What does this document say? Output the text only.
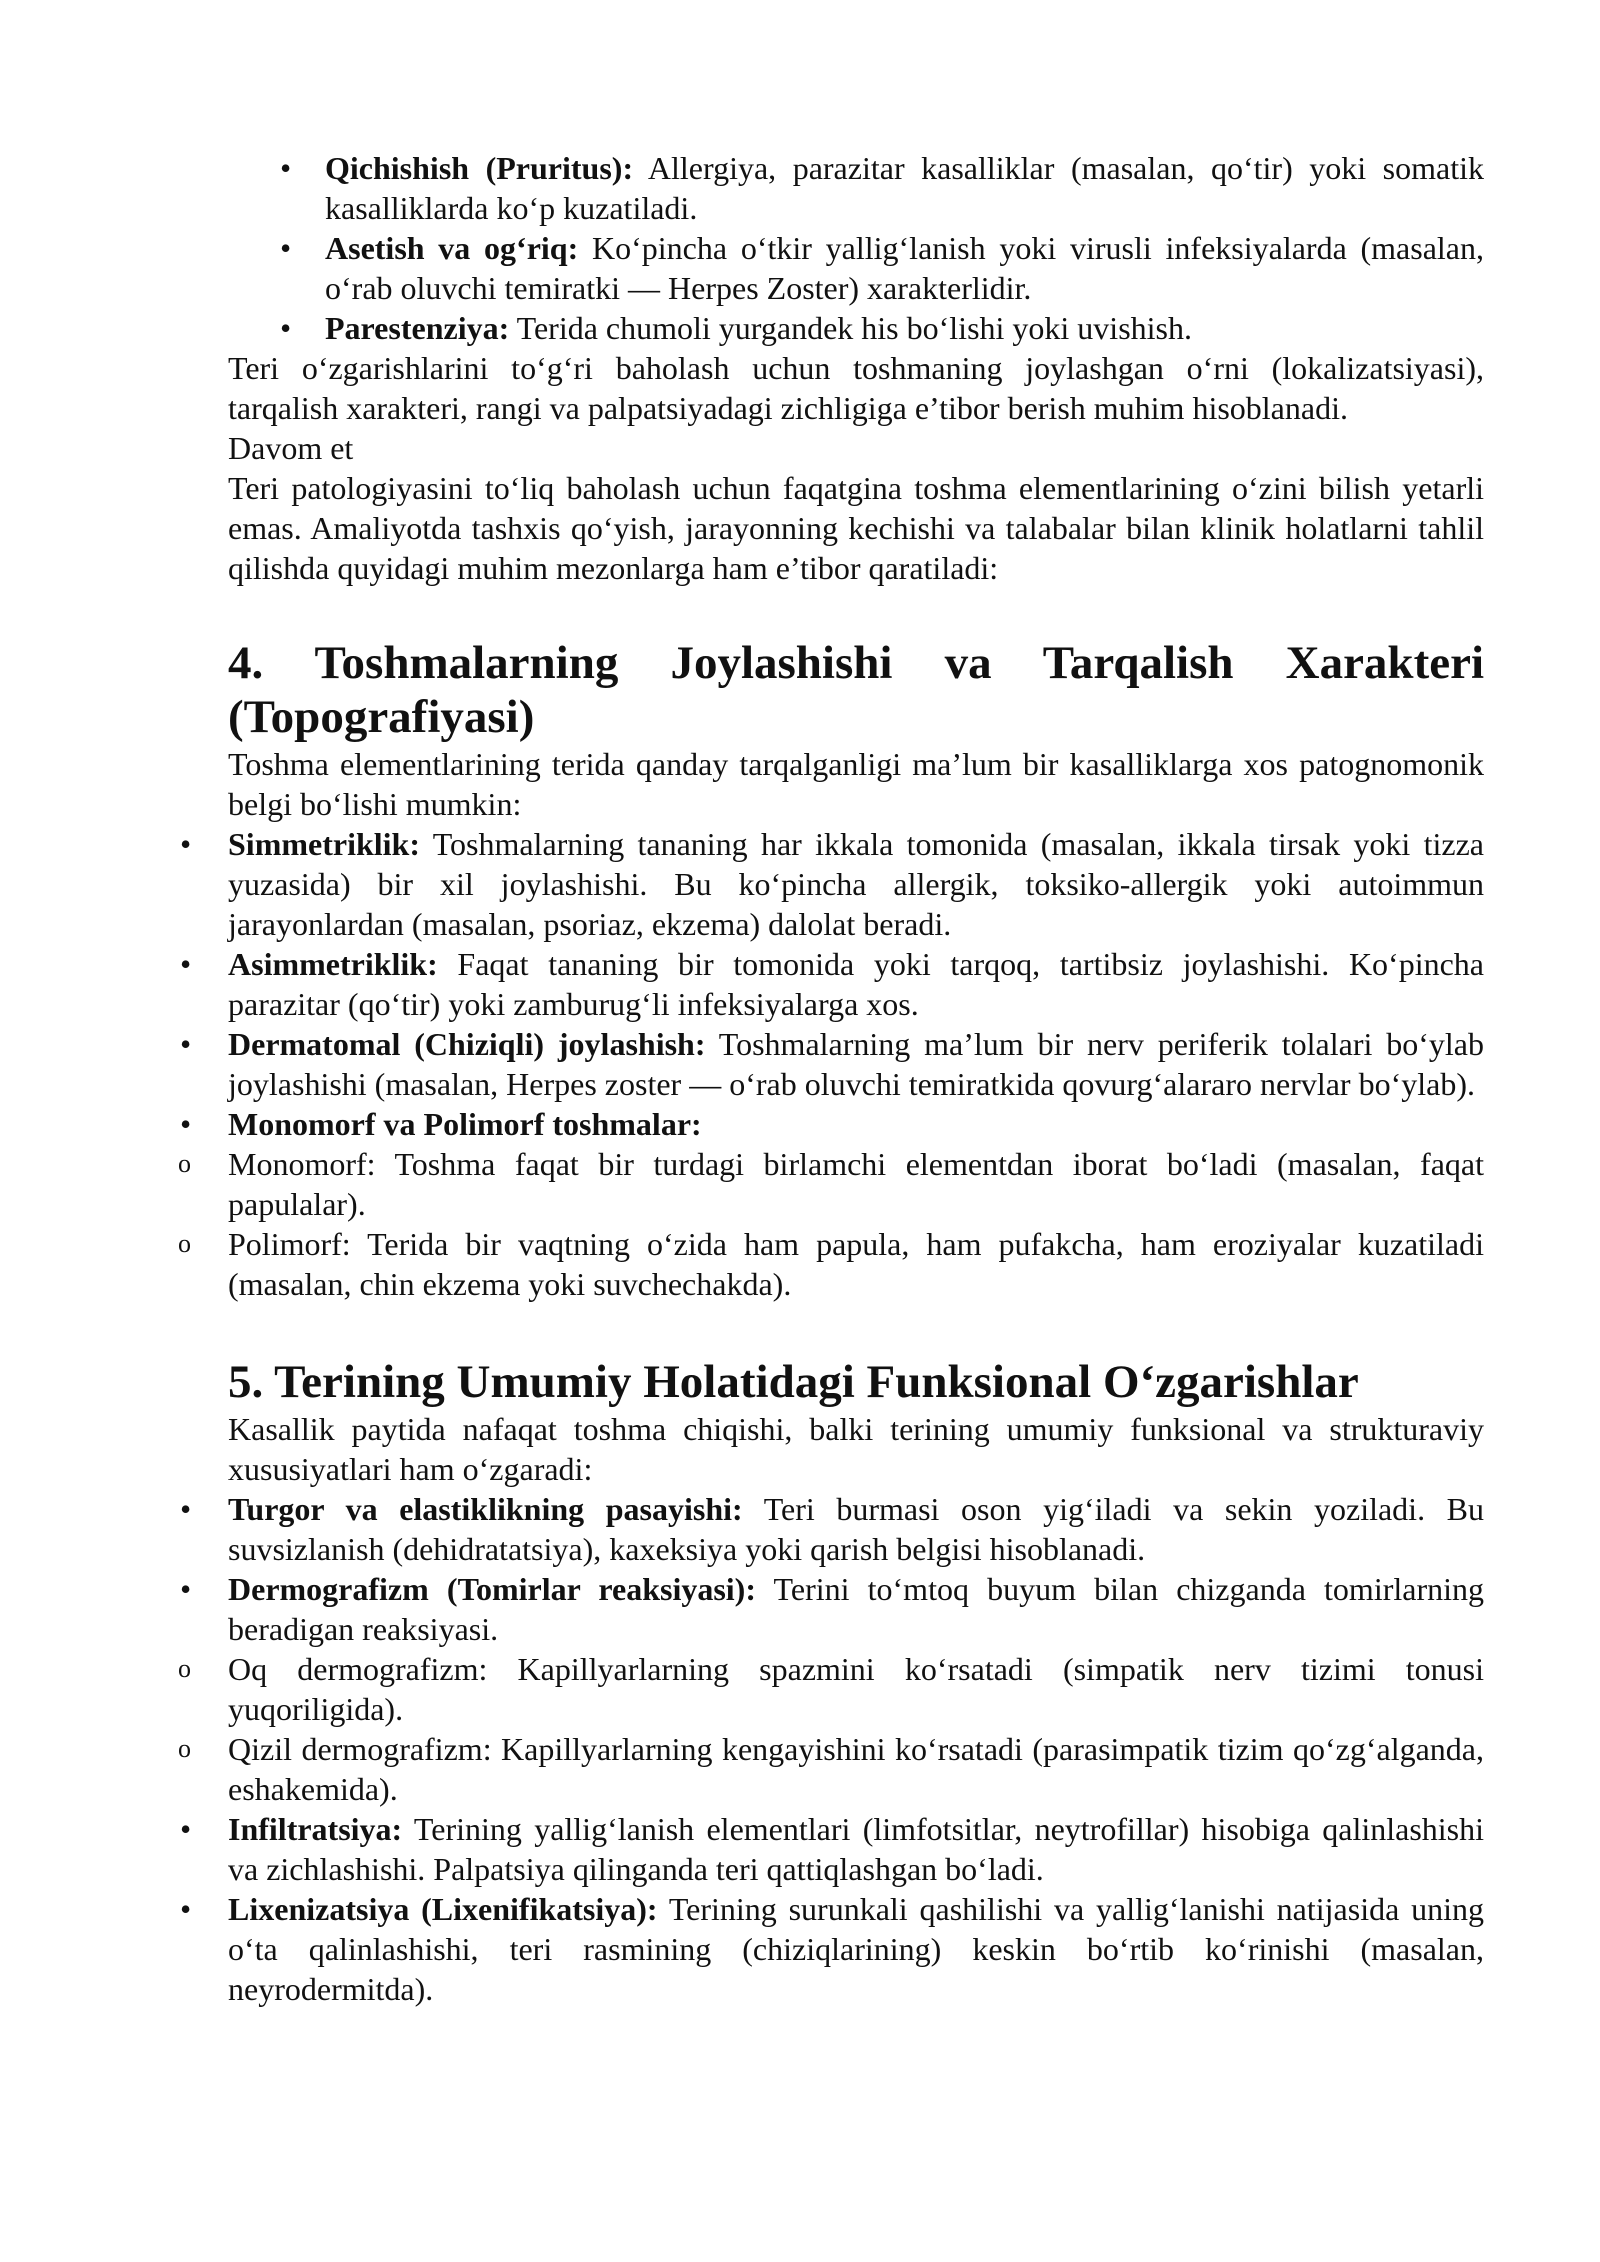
• Qichishish (Pruritus): Allergiya, parazitar kasalliklar (masalan, qo‘tir) yoki somatik kasalliklarda ko‘p kuzatiladi.
• Asetish va og‘riq: Ko‘pincha o‘tkir yallig‘lanish yoki virusli infeksiyalarda (masalan, o‘rab oluvchi temiratki — Herpes Zoster) xarakterlidir.
• Parestenziya: Terida chumoli yurgandek his bo‘lishi yoki uvishish.

Teri o‘zgarishlarini to‘g‘ri baholash uchun toshmaning joylashgan o‘rni (lokalizatsiyasi), tarqalish xarakteri, rangi va palpatsiyadagi zichligiga e’tibor berish muhim hisoblanadi.

Davom et

Teri patologiyasini to‘liq baholash uchun faqatgina toshma elementlarining o‘zini bilish yetarli emas. Amaliyotda tashxis qo‘yish, jarayonning kechishi va talabalar bilan klinik holatlarni tahlil qilishda quyidagi muhim mezonlarga ham e’tibor qaratiladi:

4. Toshmalarning Joylashishi va Tarqalish Xarakteri (Topografiyasi)

Toshma elementlarining terida qanday tarqalganligi ma’lum bir kasalliklarga xos patognomonik belgi bo‘lishi mumkin:

• Simmetriklik: Toshmalarning tananing har ikkala tomonida (masalan, ikkala tirsak yoki tizza yuzasida) bir xil joylashishi. Bu ko‘pincha allergik, toksiko-allergik yoki autoimmun jarayonlardan (masalan, psoriaz, ekzema) dalolat beradi.
• Asimmetriklik: Faqat tananing bir tomonida yoki tarqoq, tartibsiz joylashishi. Ko‘pincha parazitar (qo‘tir) yoki zamburug‘li infeksiyalarga xos.
• Dermatomal (Chiziqli) joylashish: Toshmalarning ma’lum bir nerv periferik tolalari bo‘ylab joylashishi (masalan, Herpes zoster — o‘rab oluvchi temiratkida qovurg‘alararo nervlar bo‘ylab).
• Monomorf va Polimorf toshmalar:
o Monomorf: Toshma faqat bir turdagi birlamchi elementdan iborat bo‘ladi (masalan, faqat papulalar).
o Polimorf: Terida bir vaqtning o‘zida ham papula, ham pufakcha, ham eroziyalar kuzatiladi (masalan, chin ekzema yoki suvchechakda).
5. Terining Umumiy Holatidagi Funksional O‘zgarishlar

Kasallik paytida nafaqat toshma chiqishi, balki terining umumiy funksional va strukturaviy xususiyatlari ham o‘zgaradi:

• Turgor va elastiklikning pasayishi: Teri burmasi oson yig‘iladi va sekin yoziladi. Bu suvsizlanish (dehidratatsiya), kaxeksiya yoki qarish belgisi hisoblanadi.
• Dermografizm (Tomirlar reaksiyasi): Terini to‘mtoq buyum bilan chizganda tomirlarning beradigan reaksiyasi.
o Oq dermografizm: Kapillyarlarning spazmini ko‘rsatadi (simpatik nerv tizimi tonusi yuqoriligida).
o Qizil dermografizm: Kapillyarlarning kengayishini ko‘rsatadi (parasimpatik tizim qo‘zg‘alganda, eshakemida).
• Infiltratsiya: Terining yallig‘lanish elementlari (limfotsitlar, neytrofillar) hisobiga qalinlashishi va zichlashishi. Palpatsiya qilinganda teri qattiqlashgan bo‘ladi.
• Lixenizatsiya (Lixenifikatsiya): Terining surunkali qashilishi va yallig‘lanishi natijasida uning o‘ta qalinlashishi, teri rasmining (chiziqlarining) keskin bo‘rtib ko‘rinishi (masalan, neyrodermitda).
